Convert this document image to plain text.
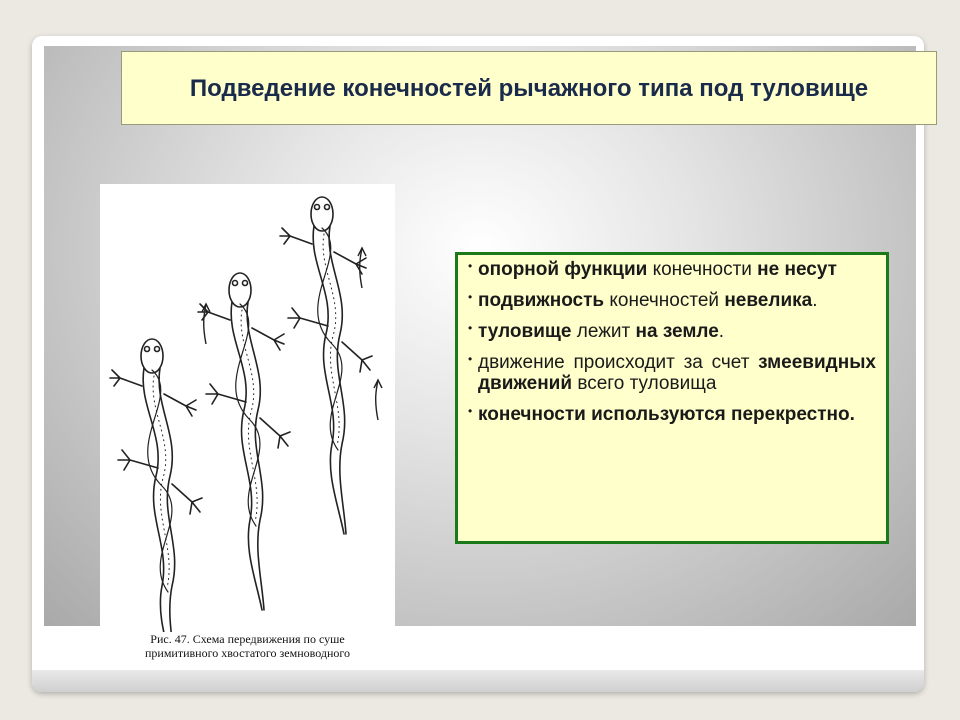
Подведение конечностей рычажного типа под туловище
Рис. 47. Схема передвижения по суше
примитивного хвостатого земноводного
• опорной функции конечности не несут
• подвижность конечностей невелика.
• туловище лежит на земле.
• движение происходит за счет змеевидных движений всего туловища
• конечности используются перекрестно.
